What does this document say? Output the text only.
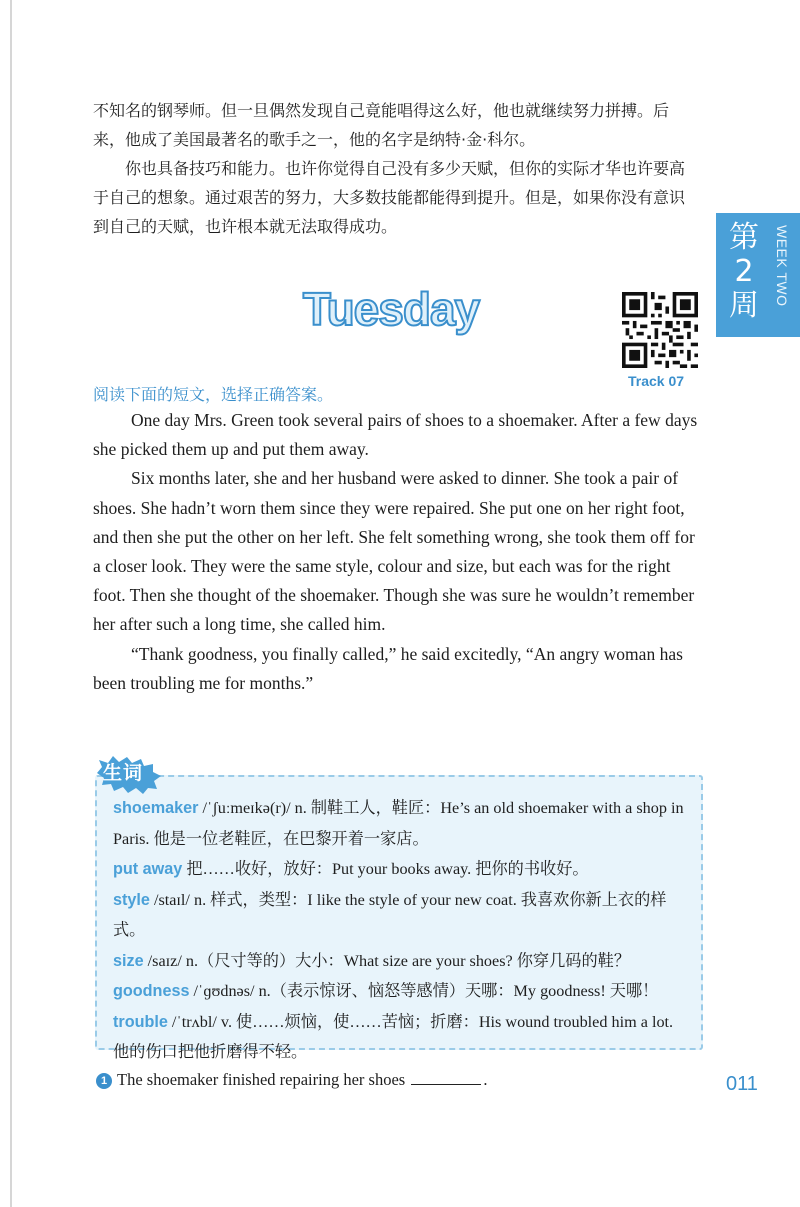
不知名的钢琴师。但一旦偶然发现自己竟能唱得这么好，他也就继续努力拼搏。后来，他成了美国最著名的歌手之一，他的名字是纳特·金·科尔。

你也具备技巧和能力。也许你觉得自己没有多少天赋，但你的实际才华也许要高于自己的想象。通过艰苦的努力，大多数技能都能得到提升。但是，如果你没有意识到自己的天赋，也许根本就无法取得成功。	第2周	WEEK TWO
Tuesday
Track 07
阅读下面的短文，选择正确答案。

One day Mrs. Green took several pairs of shoes to a shoemaker. After a few days she picked them up and put them away.

Six months later, she and her husband were asked to dinner. She took a pair of shoes. She hadn’t worn them since they were repaired. She put one on her right foot, and then she put the other on her left. She felt something wrong, she took them off for a closer look. They were the same style, colour and size, but each was for the right foot. Then she thought of the shoemaker. Though she was sure he wouldn’t remember her after such a long time, she called him.

“Thank goodness, you finally called,” he said excitedly, “An angry woman has been troubling me for months.”

生词

shoemaker /ˈʃuːmeɪkə(r)/ n. 制鞋工人，鞋匠：He’s an old shoemaker with a shop in Paris. 他是一位老鞋匠，在巴黎开着一家店。

put away 把……收好，放好：Put your books away. 把你的书收好。

style /staɪl/ n. 样式，类型：I like the style of your new coat. 我喜欢你新上衣的样式。

size /saɪz/ n.（尺寸等的）大小：What size are your shoes? 你穿几码的鞋？

goodness /ˈɡʊdnəs/ n.（表示惊讶、恼怒等感情）天哪：My goodness! 天哪！

trouble /ˈtrʌbl/ v. 使……烦恼，使……苦恼；折磨：His wound troubled him a lot. 他的伤口把他折磨得不轻。

1 The shoemaker finished repairing her shoes	.	011
